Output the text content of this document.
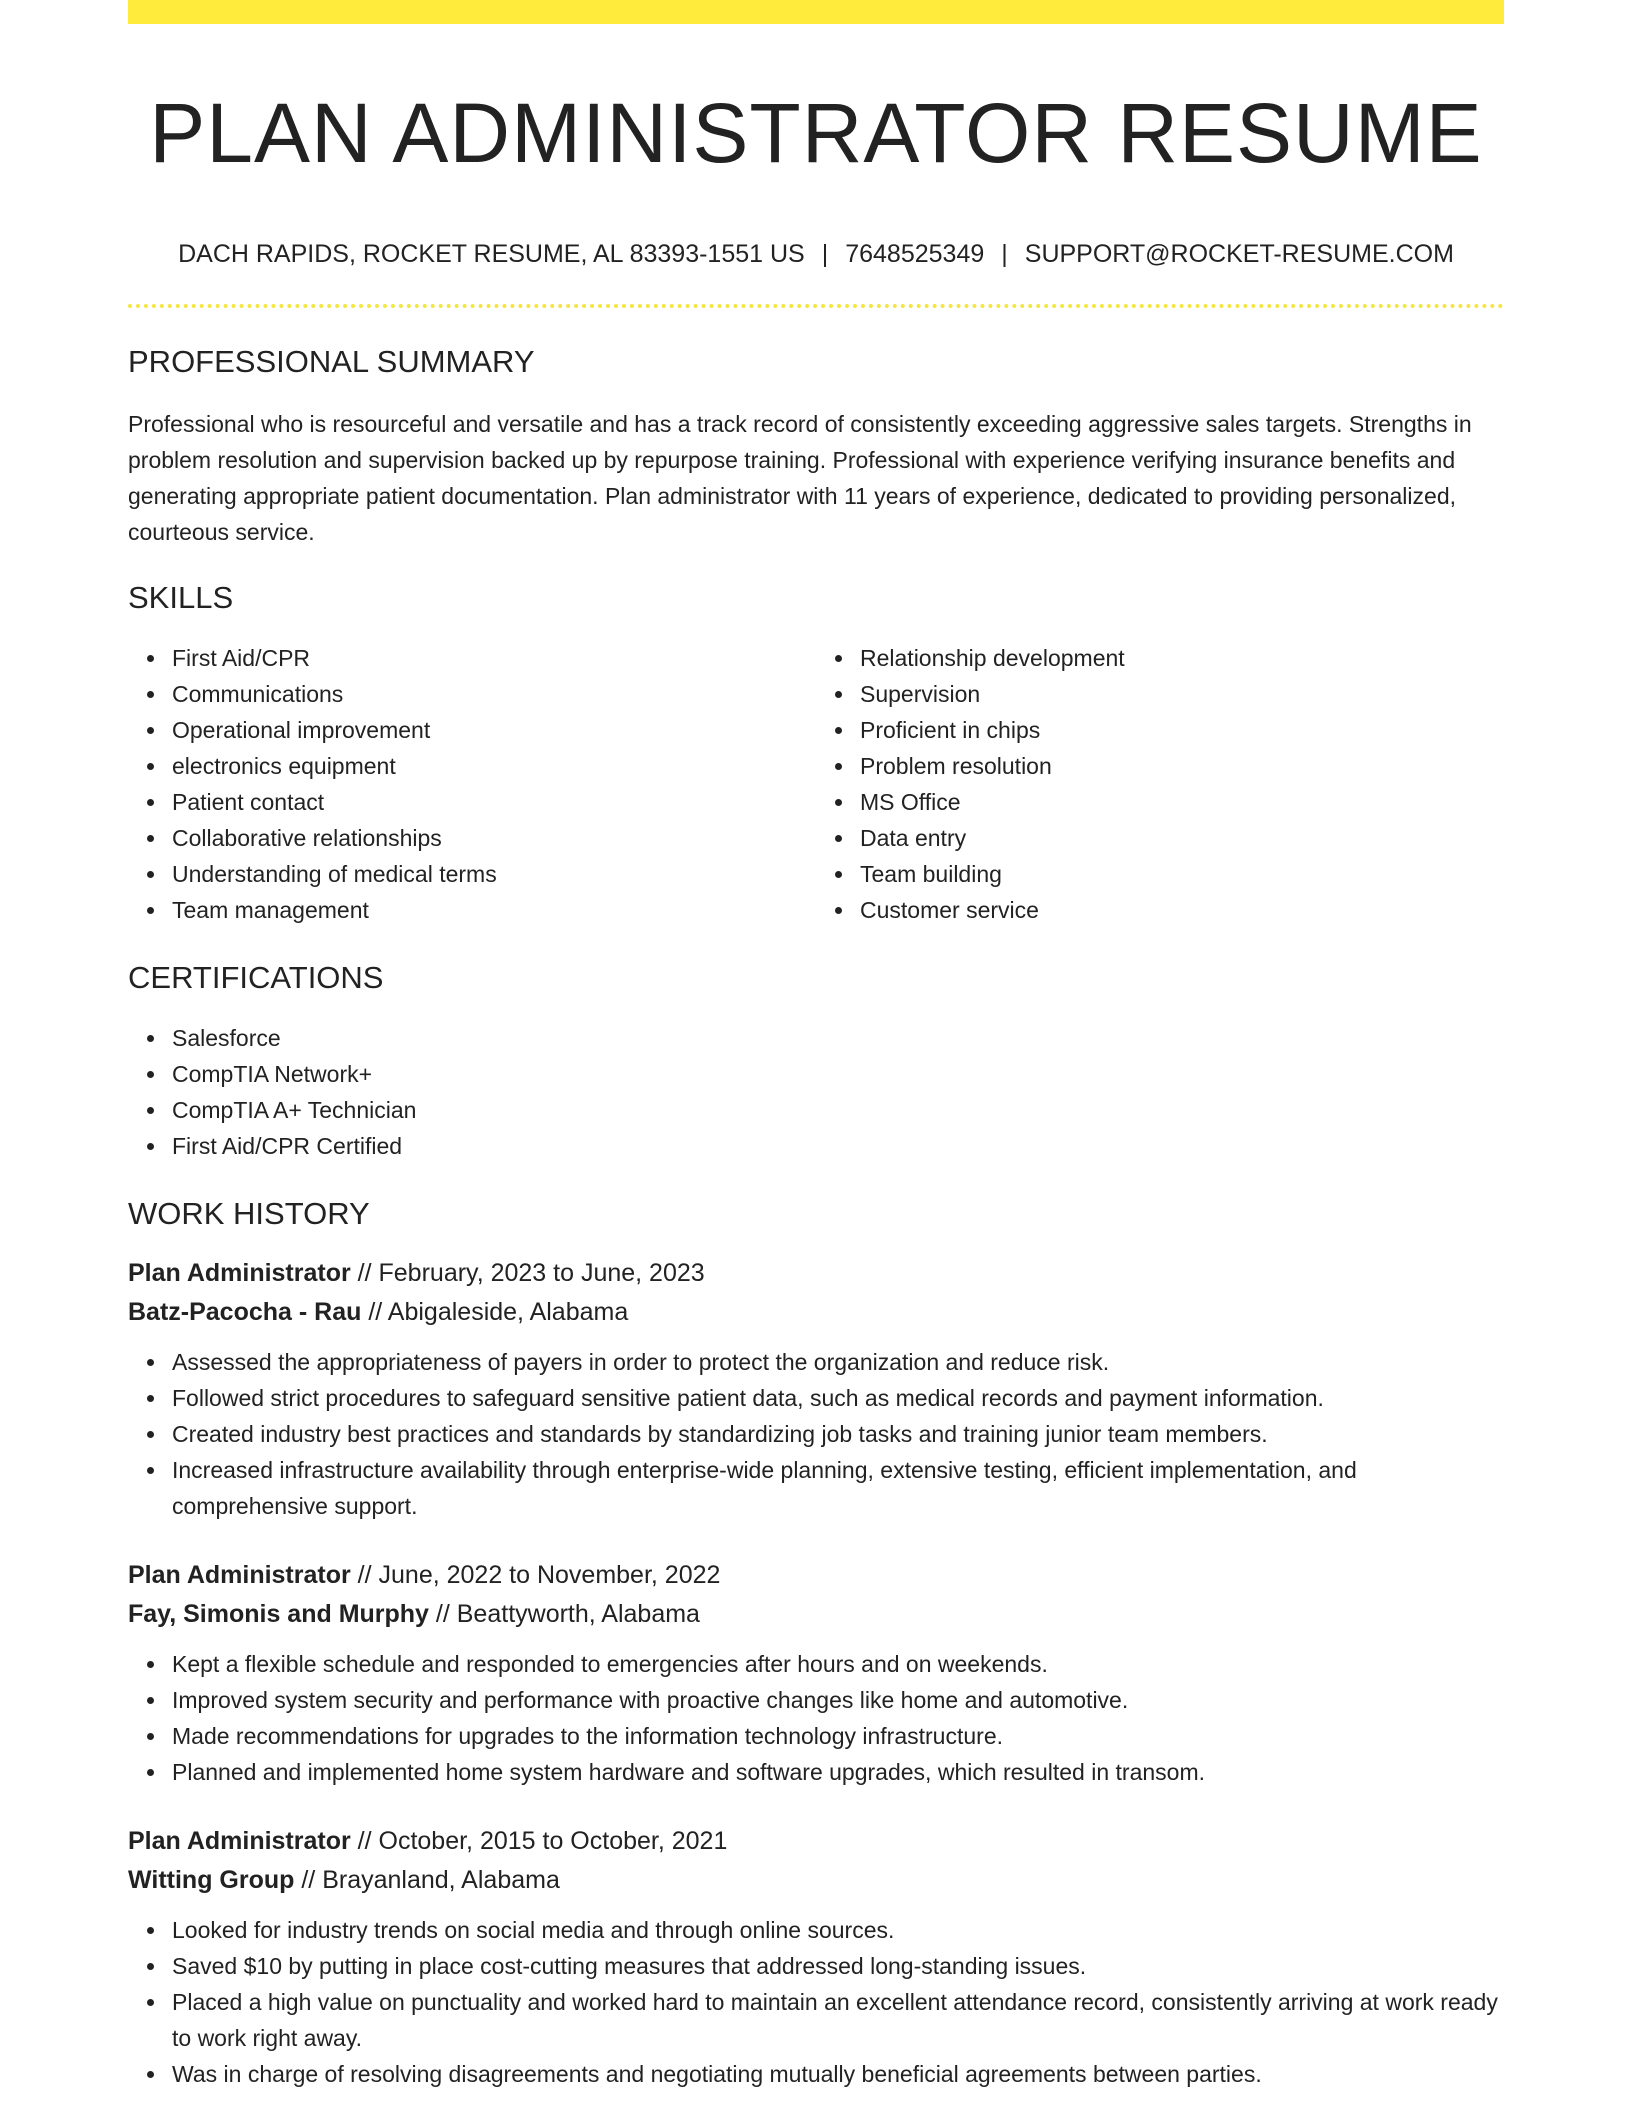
PLAN ADMINISTRATOR RESUME
DACH RAPIDS, ROCKET RESUME, AL 83393-1551 US | 7648525349 | SUPPORT@ROCKET-RESUME.COM
PROFESSIONAL SUMMARY

Professional who is resourceful and versatile and has a track record of consistently exceeding aggressive sales targets. Strengths in problem resolution and supervision backed up by repurpose training. Professional with experience verifying insurance benefits and generating appropriate patient documentation. Plan administrator with 11 years of experience, dedicated to providing personalized, courteous service.

SKILLS
First Aid/CPR
Communications
Operational improvement
electronics equipment
Patient contact
Collaborative relationships
Understanding of medical terms
Team management
Relationship development
Supervision
Proficient in chips
Problem resolution
MS Office
Data entry
Team building
Customer service
CERTIFICATIONS
Salesforce
CompTIA Network+
CompTIA A+ Technician
First Aid/CPR Certified
WORK HISTORY
Plan Administrator // February, 2023 to June, 2023
Batz-Pacocha - Rau // Abigaleside, Alabama
Assessed the appropriateness of payers in order to protect the organization and reduce risk.
Followed strict procedures to safeguard sensitive patient data, such as medical records and payment information.
Created industry best practices and standards by standardizing job tasks and training junior team members.
Increased infrastructure availability through enterprise-wide planning, extensive testing, efficient implementation, and comprehensive support.
Plan Administrator // June, 2022 to November, 2022
Fay, Simonis and Murphy // Beattyworth, Alabama
Kept a flexible schedule and responded to emergencies after hours and on weekends.
Improved system security and performance with proactive changes like home and automotive.
Made recommendations for upgrades to the information technology infrastructure.
Planned and implemented home system hardware and software upgrades, which resulted in transom.
Plan Administrator // October, 2015 to October, 2021
Witting Group // Brayanland, Alabama
Looked for industry trends on social media and through online sources.
Saved $10 by putting in place cost-cutting measures that addressed long-standing issues.
Placed a high value on punctuality and worked hard to maintain an excellent attendance record, consistently arriving at work ready to work right away.
Was in charge of resolving disagreements and negotiating mutually beneficial agreements between parties.
